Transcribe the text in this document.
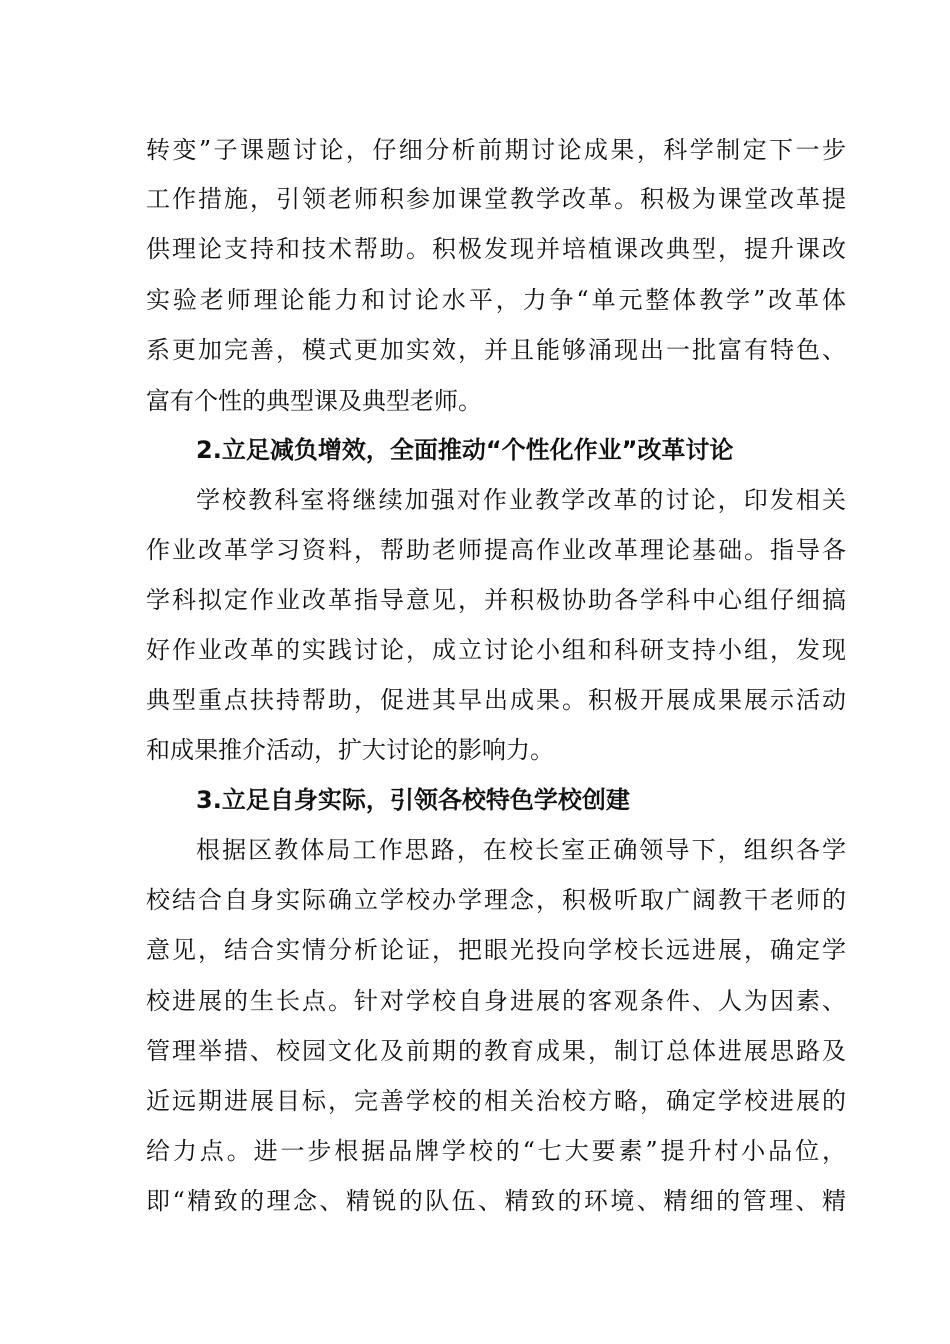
转变”子课题讨论，仔细分析前期讨论成果，科学制定下一步
工作措施，引领老师积参加课堂教学改革。积极为课堂改革提
供理论支持和技术帮助。积极发现并培植课改典型，提升课改
实验老师理论能力和讨论水平，力争“单元整体教学”改革体
系更加完善，模式更加实效，并且能够涌现出一批富有特色、
富有个性的典型课及典型老师。
2.立足减负增效，全面推动“个性化作业”改革讨论
学校教科室将继续加强对作业教学改革的讨论，印发相关
作业改革学习资料，帮助老师提高作业改革理论基础。指导各
学科拟定作业改革指导意见，并积极协助各学科中心组仔细搞
好作业改革的实践讨论，成立讨论小组和科研支持小组，发现
典型重点扶持帮助，促进其早出成果。积极开展成果展示活动
和成果推介活动，扩大讨论的影响力。
3.立足自身实际，引领各校特色学校创建
根据区教体局工作思路，在校长室正确领导下，组织各学
校结合自身实际确立学校办学理念，积极听取广阔教干老师的
意见，结合实情分析论证，把眼光投向学校长远进展，确定学
校进展的生长点。针对学校自身进展的客观条件、人为因素、
管理举措、校园文化及前期的教育成果，制订总体进展思路及
近远期进展目标，完善学校的相关治校方略，确定学校进展的
给力点。进一步根据品牌学校的“七大要素”提升村小品位，
即“精致的理念、精锐的队伍、精致的环境、精细的管理、精
